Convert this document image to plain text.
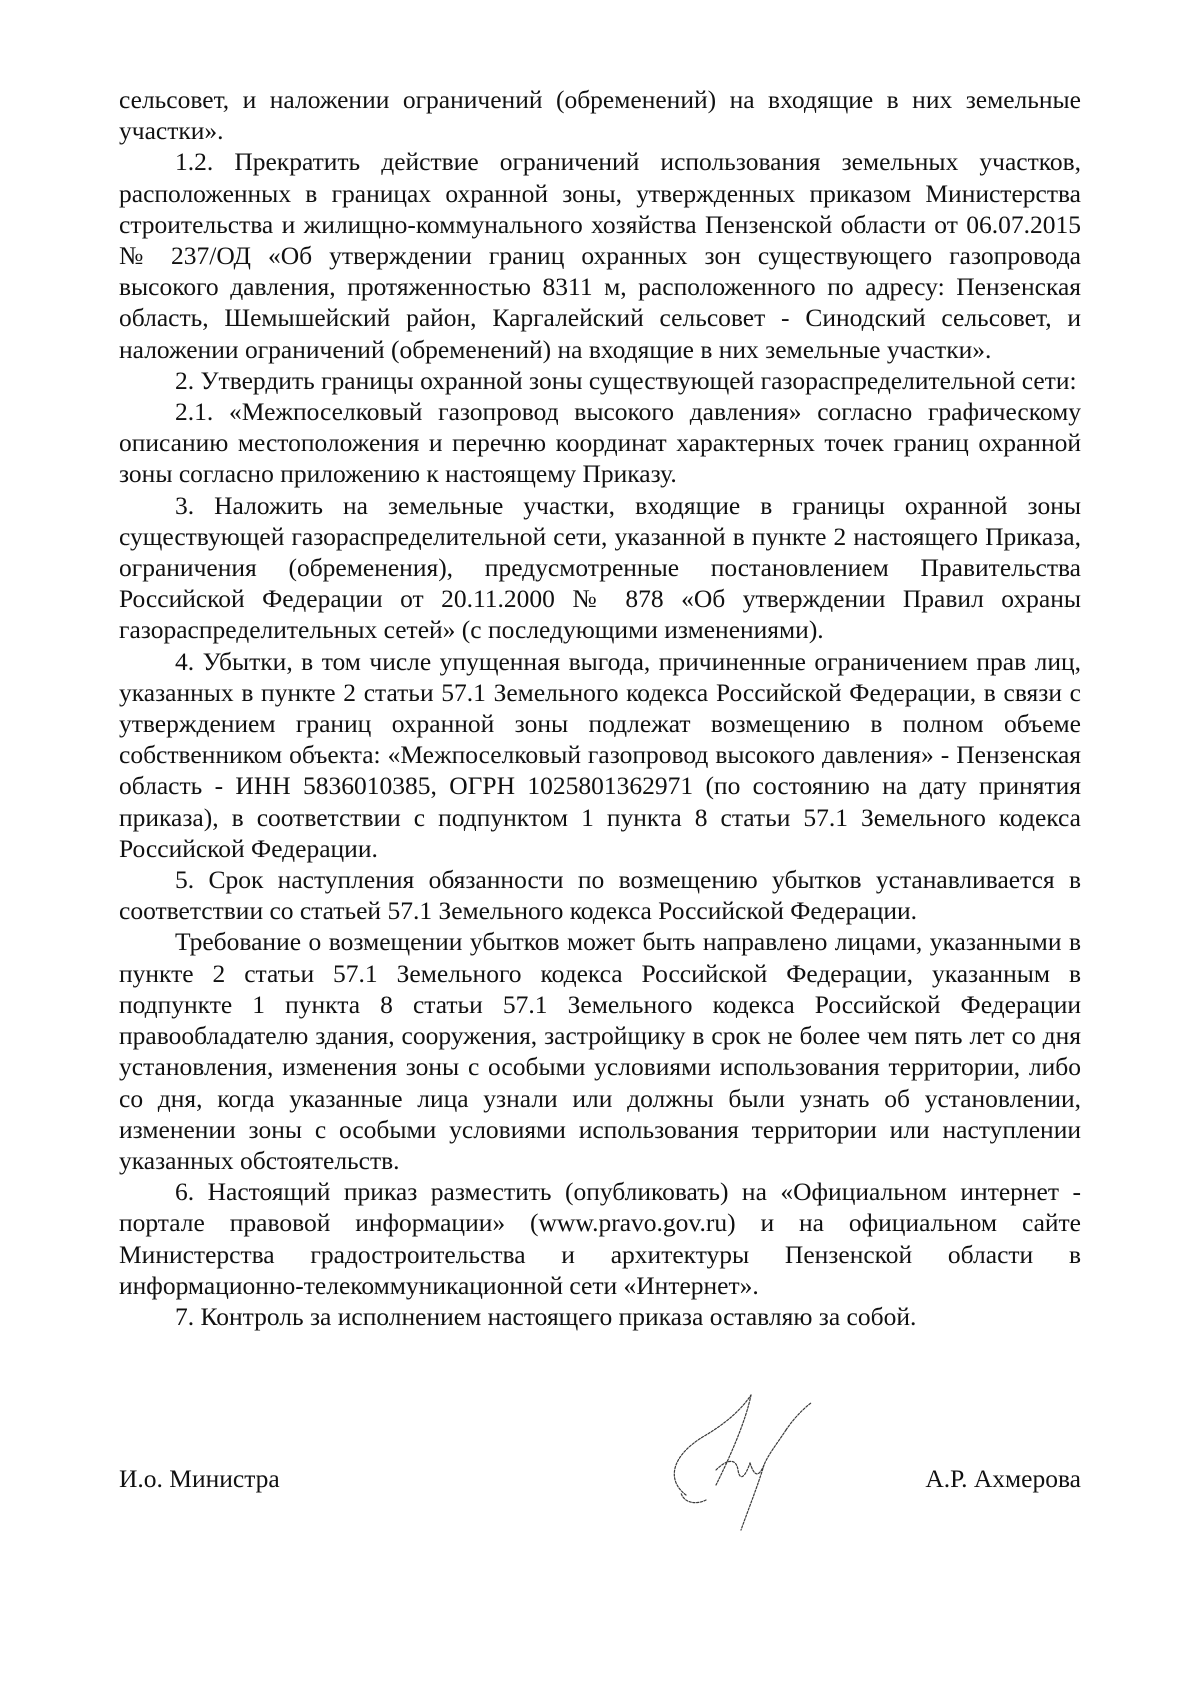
сельсовет, и наложении ограничений (обременений) на входящие в них земельные участки».

1.2. Прекратить действие ограничений использования земельных участков, расположенных в границах охранной зоны, утвержденных приказом Министерства строительства и жилищно-коммунального хозяйства Пензенской области от 06.07.2015 № 237/ОД «Об утверждении границ охранных зон существующего газопровода высокого давления, протяженностью 8311 м, расположенного по адресу: Пензенская область, Шемышейский район, Каргалейский сельсовет - Синодский сельсовет, и наложении ограничений (обременений) на входящие в них земельные участки».

2. Утвердить границы охранной зоны существующей газораспределительной сети:

2.1. «Межпоселковый газопровод высокого давления» согласно графическому описанию местоположения и перечню координат характерных точек границ охранной зоны согласно приложению к настоящему Приказу.

3. Наложить на земельные участки, входящие в границы охранной зоны существующей газораспределительной сети, указанной в пункте 2 настоящего Приказа, ограничения (обременения), предусмотренные постановлением Правительства Российской Федерации от 20.11.2000 № 878 «Об утверждении Правил охраны газораспределительных сетей» (с последующими изменениями).

4. Убытки, в том числе упущенная выгода, причиненные ограничением прав лиц, указанных в пункте 2 статьи 57.1 Земельного кодекса Российской Федерации, в связи с утверждением границ охранной зоны подлежат возмещению в полном объеме собственником объекта: «Межпоселковый газопровод высокого давления» - Пензенская область - ИНН 5836010385, ОГРН 1025801362971 (по состоянию на дату принятия приказа), в соответствии с подпунктом 1 пункта 8 статьи 57.1 Земельного кодекса Российской Федерации.

5. Срок наступления обязанности по возмещению убытков устанавливается в соответствии со статьей 57.1 Земельного кодекса Российской Федерации.

Требование о возмещении убытков может быть направлено лицами, указанными в пункте 2 статьи 57.1 Земельного кодекса Российской Федерации, указанным в подпункте 1 пункта 8 статьи 57.1 Земельного кодекса Российской Федерации правообладателю здания, сооружения, застройщику в срок не более чем пять лет со дня установления, изменения зоны с особыми условиями использования территории, либо со дня, когда указанные лица узнали или должны были узнать об установлении, изменении зоны с особыми условиями использования территории или наступлении указанных обстоятельств.

6. Настоящий приказ разместить (опубликовать) на «Официальном интернет - портале правовой информации» (www.pravo.gov.ru) и на официальном сайте Министерства градостроительства и архитектуры Пензенской области в информационно-телекоммуникационной сети «Интернет».

7. Контроль за исполнением настоящего приказа оставляю за собой.

И.о. Министра	А.Р. Ахмерова
